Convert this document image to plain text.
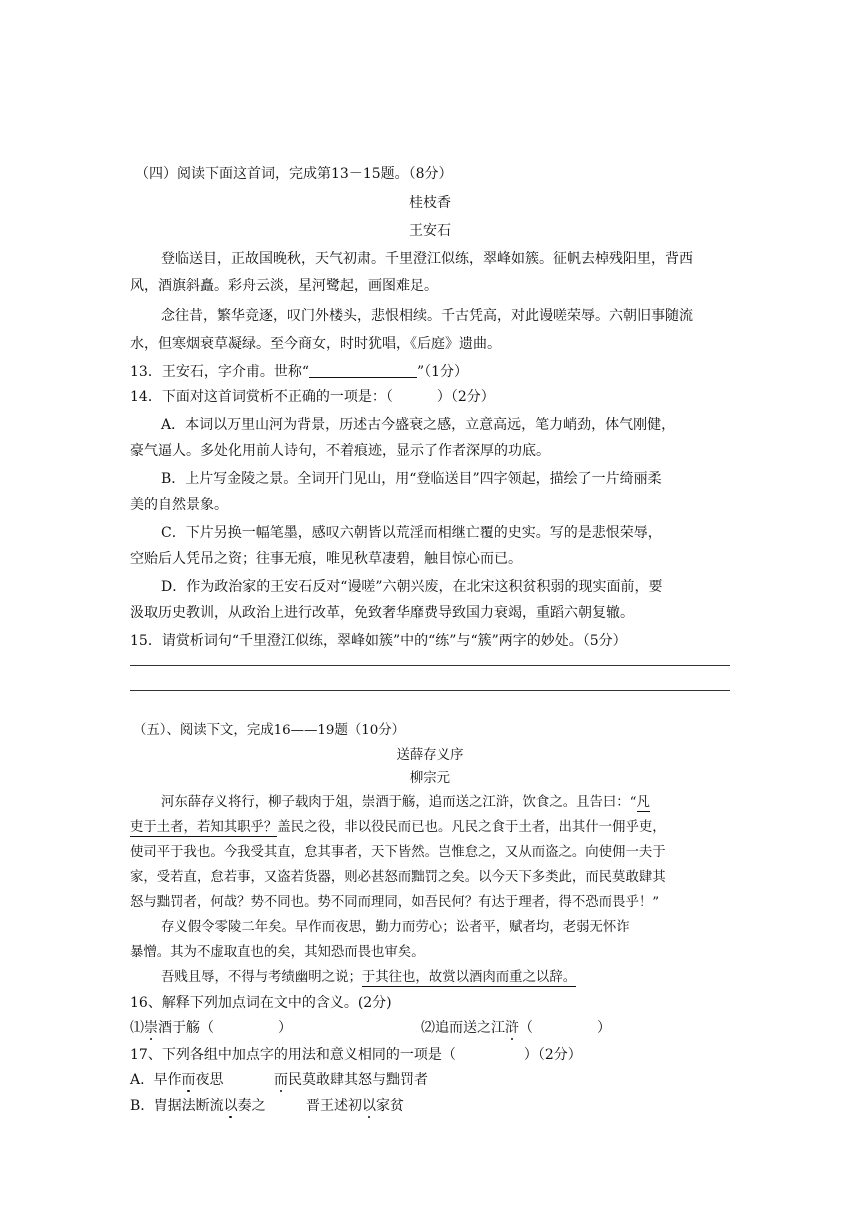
（四）阅读下面这首词，完成第13－15题。（8分）
桂枝香
王安石
登临送目，正故国晚秋，天气初肃。千里澄江似练，翠峰如簇。征帆去棹残阳里，背西
风，酒旗斜矗。彩舟云淡，星河鹭起，画图难足。
念往昔，繁华竞逐，叹门外楼头，悲恨相续。千古凭高，对此谩嗟荣辱。六朝旧事随流
水，但寒烟衰草凝绿。至今商女，时时犹唱，《后庭》遗曲。
13．王安石，字介甫。世称“	”（1分）
14．下面对这首词赏析不正确的一项是：（	）（2分）
A．本词以万里山河为背景，历述古今盛衰之感，立意高远，笔力峭劲，体气刚健，
豪气逼人。多处化用前人诗句，不着痕迹，显示了作者深厚的功底。
B．上片写金陵之景。全词开门见山，用“登临送目”四字领起，描绘了一片绮丽柔
美的自然景象。
C．下片另换一幅笔墨，感叹六朝皆以荒淫而相继亡覆的史实。写的是悲恨荣辱，
空贻后人凭吊之资；往事无痕，唯见秋草凄碧，触目惊心而已。
D．作为政治家的王安石反对“谩嗟”六朝兴废，在北宋这积贫积弱的现实面前，要
汲取历史教训，从政治上进行改革，免致奢华靡费导致国力衰竭，重蹈六朝复辙。
15．请赏析词句“千里澄江似练，翠峰如簇”中的“练”与“簇”两字的妙处。（5分）
（五）、阅读下文，完成16——19题（10分）
送薛存义序
柳宗元
河东薛存义将行，柳子载肉于俎，崇酒于觞，追而送之江浒，饮食之。且告曰：“凡
吏于土者，若知其职乎？盖民之役，非以役民而已也。凡民之食于土者，出其什一佣乎吏，
使司平于我也。今我受其直，怠其事者，天下皆然。岂惟怠之，又从而盗之。向使佣一夫于
家，受若直，怠若事，又盗若货器，则必甚怒而黜罚之矣。以今天下多类此，而民莫敢肆其
怒与黜罚者，何哉？势不同也。势不同而理同，如吾民何？有达于理者，得不恐而畏乎！”
存义假令零陵二年矣。早作而夜思，勤力而劳心；讼者平，赋者均，老弱无怀诈
暴憎。其为不虚取直也的矣，其知恐而畏也审矣。
吾贱且辱，不得与考绩幽明之说；于其往也，故赏以酒肉而重之以辞。
16、解释下列加点词在文中的含义。(2分)
⑴崇酒于觞（	）	⑵追而送之江浒（	）
17、下列各组中加点字的用法和意义相同的一项是（	）（2分）
A. 早作而夜思	而民莫敢肆其怒与黜罚者
B. 胄据法断流以奏之	晋王述初以家贫
